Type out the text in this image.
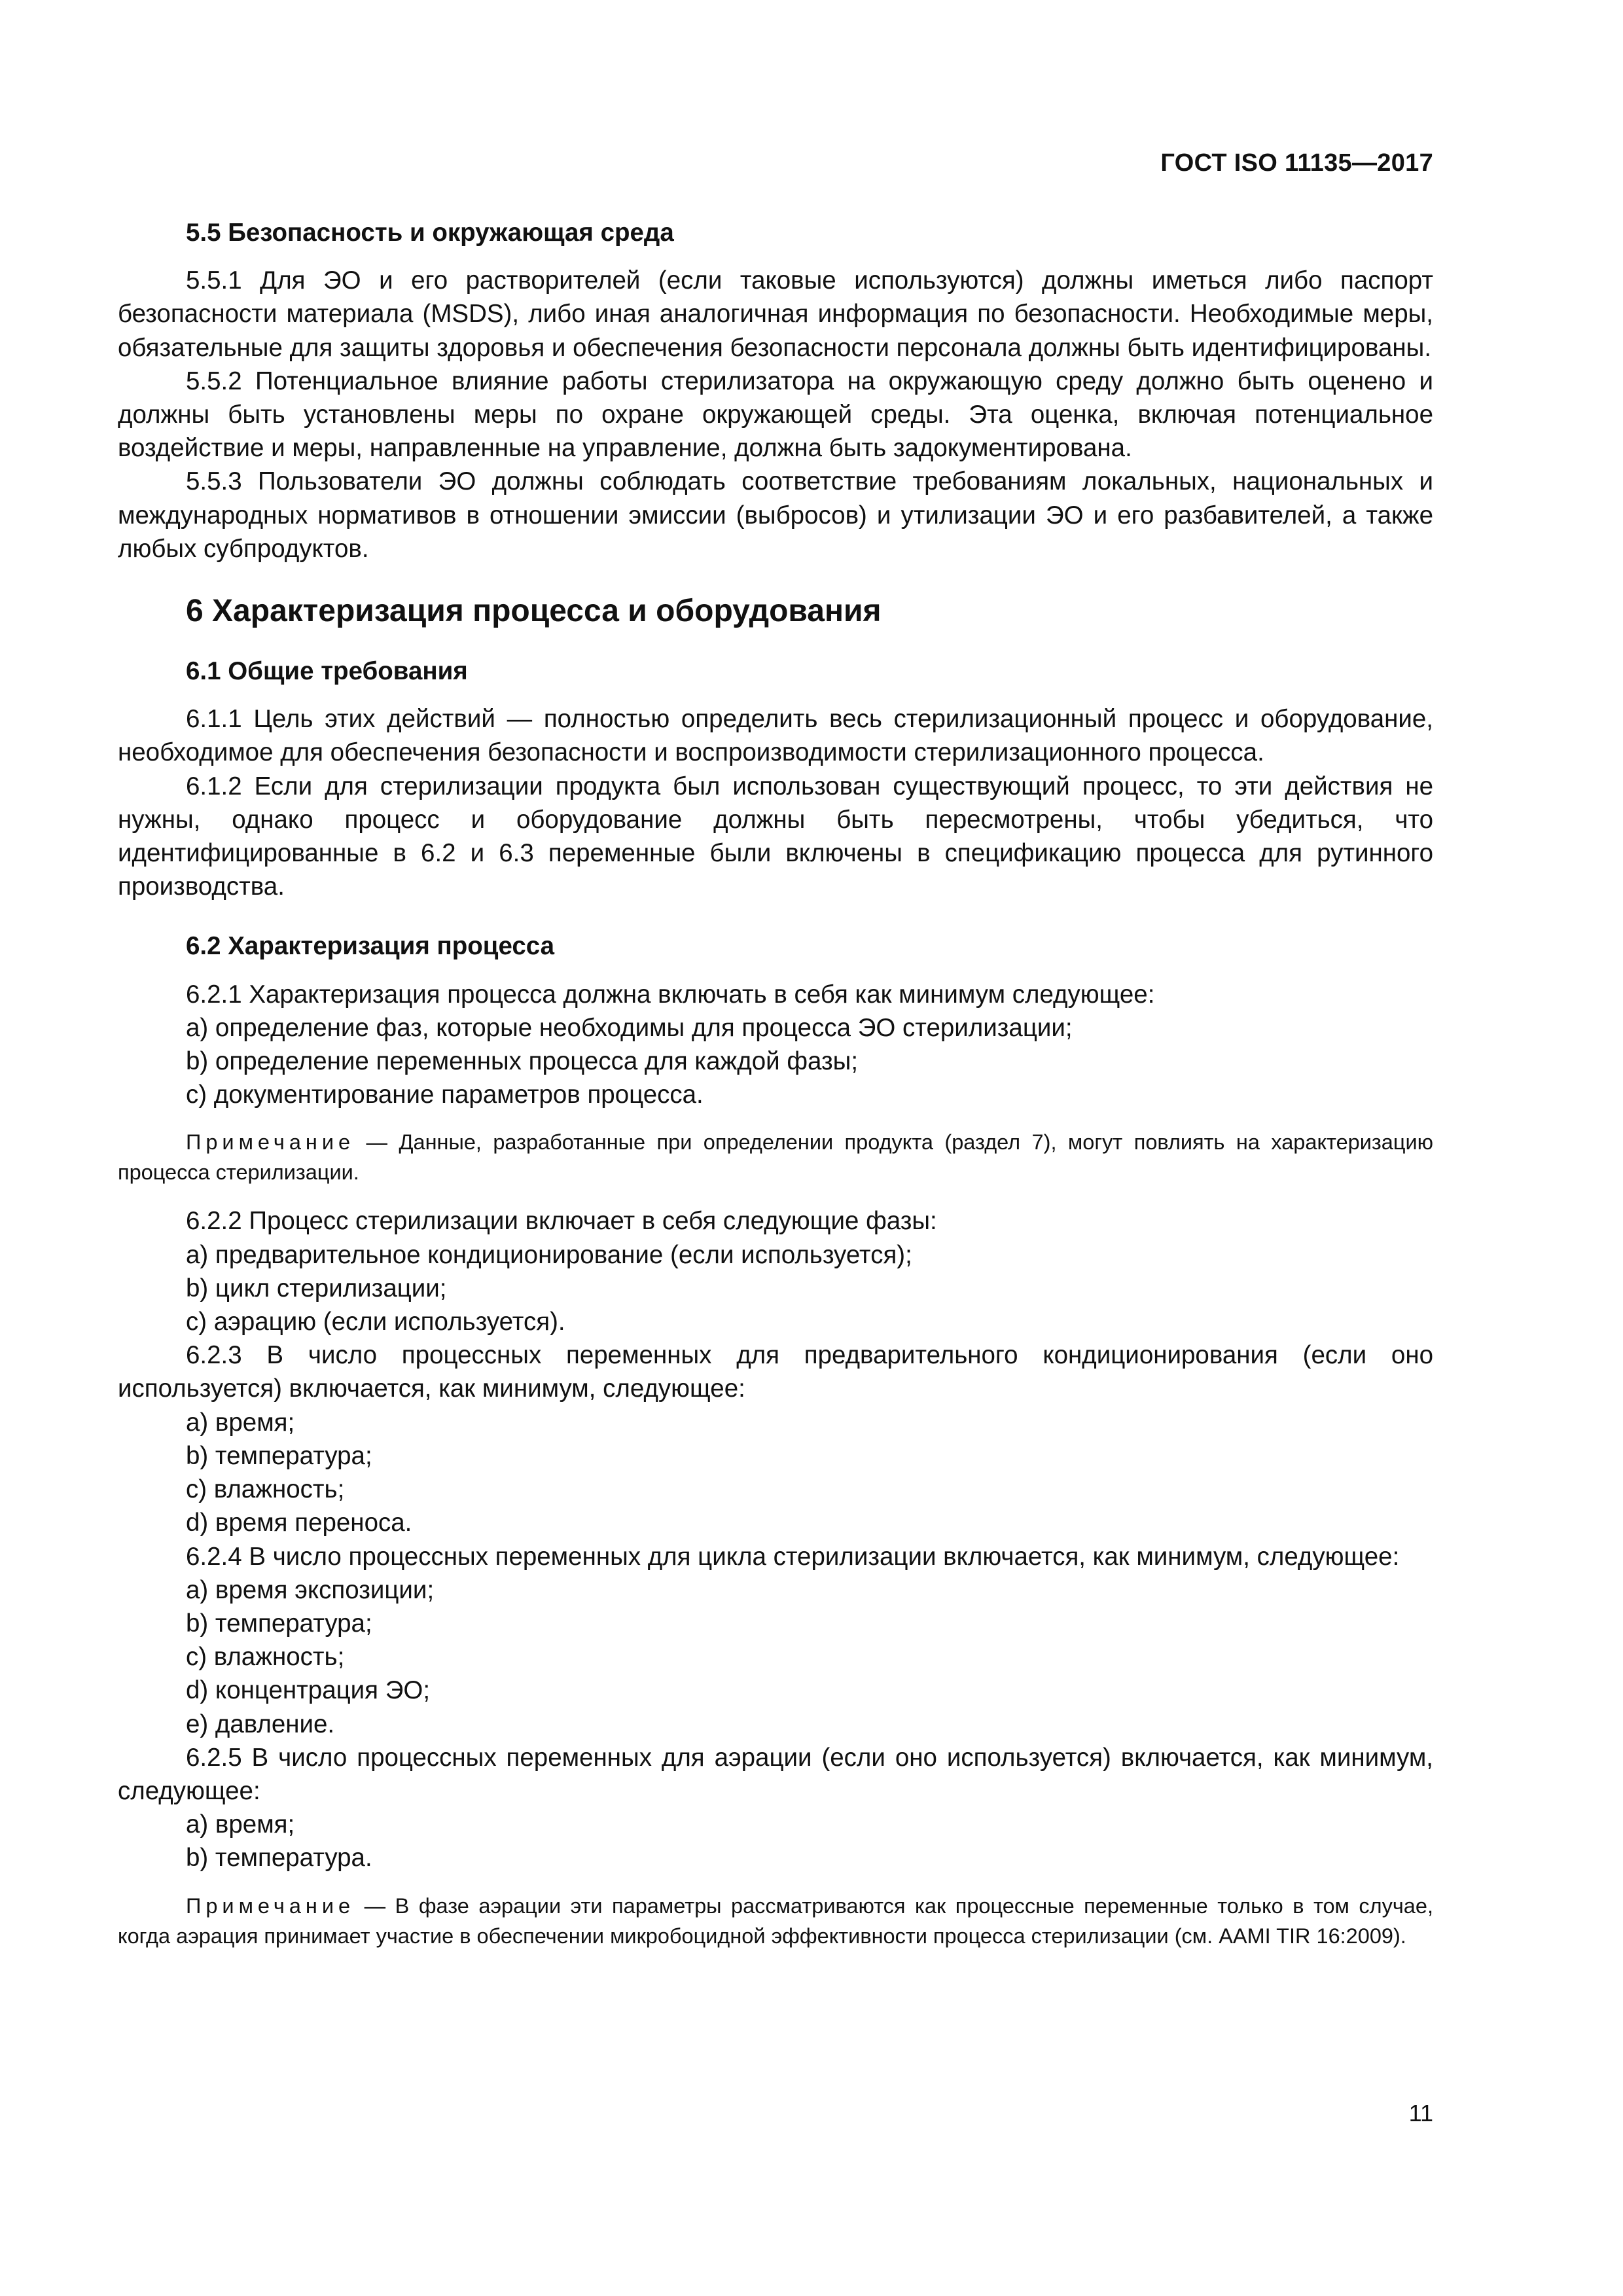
ГОСТ ISO 11135—2017

5.5 Безопасность и окружающая среда

5.5.1 Для ЭО и его растворителей (если таковые используются) должны иметься либо паспорт безопасности материала (MSDS), либо иная аналогичная информация по безопасности. Необходимые меры, обязательные для защиты здоровья и обеспечения безопасности персонала должны быть идентифицированы.

5.5.2 Потенциальное влияние работы стерилизатора на окружающую среду должно быть оценено и должны быть установлены меры по охране окружающей среды. Эта оценка, включая потенциальное воздействие и меры, направленные на управление, должна быть задокументирована.

5.5.3 Пользователи ЭО должны соблюдать соответствие требованиям локальных, национальных и международных нормативов в отношении эмиссии (выбросов) и утилизации ЭО и его разбавителей, а также любых субпродуктов.

6 Характеризация процесса и оборудования

6.1 Общие требования

6.1.1 Цель этих действий — полностью определить весь стерилизационный процесс и оборудование, необходимое для обеспечения безопасности и воспроизводимости стерилизационного процесса.

6.1.2 Если для стерилизации продукта был использован существующий процесс, то эти действия не нужны, однако процесс и оборудование должны быть пересмотрены, чтобы убедиться, что идентифицированные в 6.2 и 6.3 переменные были включены в спецификацию процесса для рутинного производства.

6.2 Характеризация процесса

6.2.1 Характеризация процесса должна включать в себя как минимум следующее:

a) определение фаз, которые необходимы для процесса ЭО стерилизации;

b) определение переменных процесса для каждой фазы;

c) документирование параметров процесса.

Примечание — Данные, разработанные при определении продукта (раздел 7), могут повлиять на характеризацию процесса стерилизации.

6.2.2 Процесс стерилизации включает в себя следующие фазы:

a) предварительное кондиционирование (если используется);

b) цикл стерилизации;

c) аэрацию (если используется).

6.2.3 В число процессных переменных для предварительного кондиционирования (если оно используется) включается, как минимум, следующее:

a) время;

b) температура;

c) влажность;

d) время переноса.

6.2.4 В число процессных переменных для цикла стерилизации включается, как минимум, следующее:

a) время экспозиции;

b) температура;

c) влажность;

d) концентрация ЭО;

e) давление.

6.2.5 В число процессных переменных для аэрации (если оно используется) включается, как минимум, следующее:

a) время;

b) температура.

Примечание — В фазе аэрации эти параметры рассматриваются как процессные переменные только в том случае, когда аэрация принимает участие в обеспечении микробоцидной эффективности процесса стерилизации (см. AAMI TIR 16:2009).

11
